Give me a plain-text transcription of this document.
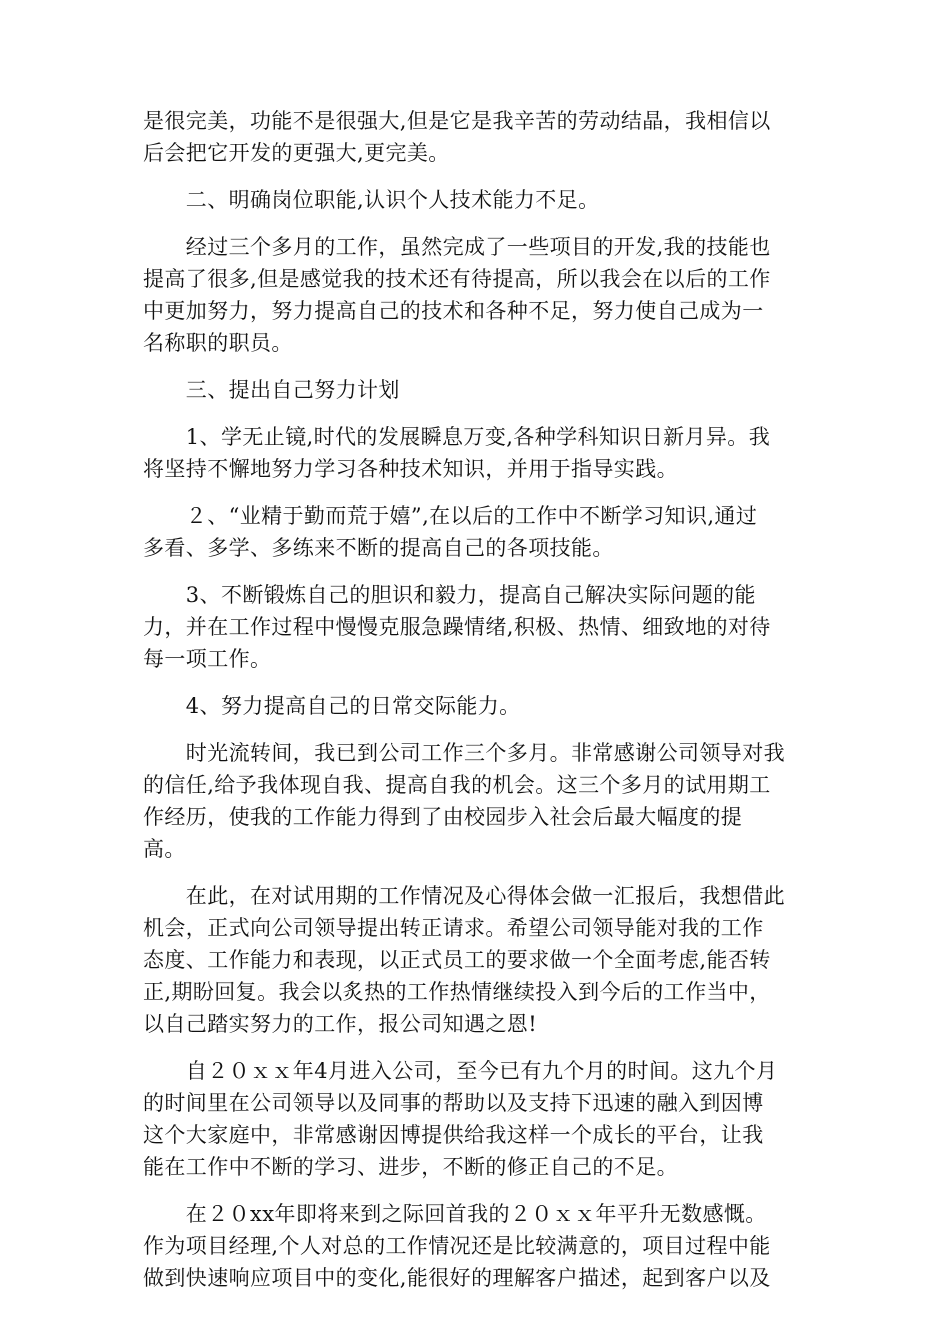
是很完美，功能不是很强大,但是它是我辛苦的劳动结晶，我相信以
后会把它开发的更强大,更完美。

　　二、明确岗位职能,认识个人技术能力不足。

　　经过三个多月的工作，虽然完成了一些项目的开发,我的技能也
提高了很多,但是感觉我的技术还有待提高，所以我会在以后的工作
中更加努力，努力提高自己的技术和各种不足，努力使自己成为一
名称职的职员。

　　三、提出自己努力计划

　　1、学无止镜,时代的发展瞬息万变,各种学科知识日新月异。我
将坚持不懈地努力学习各种技术知识，并用于指导实践。

　　２、“业精于勤而荒于嬉”,在以后的工作中不断学习知识,通过
多看、多学、多练来不断的提高自己的各项技能。

　　3、不断锻炼自己的胆识和毅力，提高自己解决实际问题的能
力，并在工作过程中慢慢克服急躁情绪,积极、热情、细致地的对待
每一项工作。

　　4、努力提高自己的日常交际能力。

　　时光流转间，我已到公司工作三个多月。非常感谢公司领导对我
的信任,给予我体现自我、提高自我的机会。这三个多月的试用期工
作经历，使我的工作能力得到了由校园步入社会后最大幅度的提
高。

　　在此，在对试用期的工作情况及心得体会做一汇报后，我想借此
机会，正式向公司领导提出转正请求。希望公司领导能对我的工作
态度、工作能力和表现，以正式员工的要求做一个全面考虑,能否转
正,期盼回复。我会以炙热的工作热情继续投入到今后的工作当中，
以自己踏实努力的工作，报公司知遇之恩!

　　自２０ｘｘ年4月进入公司，至今已有九个月的时间。这九个月
的时间里在公司领导以及同事的帮助以及支持下迅速的融入到因博
这个大家庭中，非常感谢因博提供给我这样一个成长的平台，让我
能在工作中不断的学习、进步，不断的修正自己的不足。

　　在２０xx年即将来到之际回首我的２０ｘｘ年平升无数感慨。
作为项目经理,个人对总的工作情况还是比较满意的，项目过程中能
做到快速响应项目中的变化,能很好的理解客户描述，起到客户以及
